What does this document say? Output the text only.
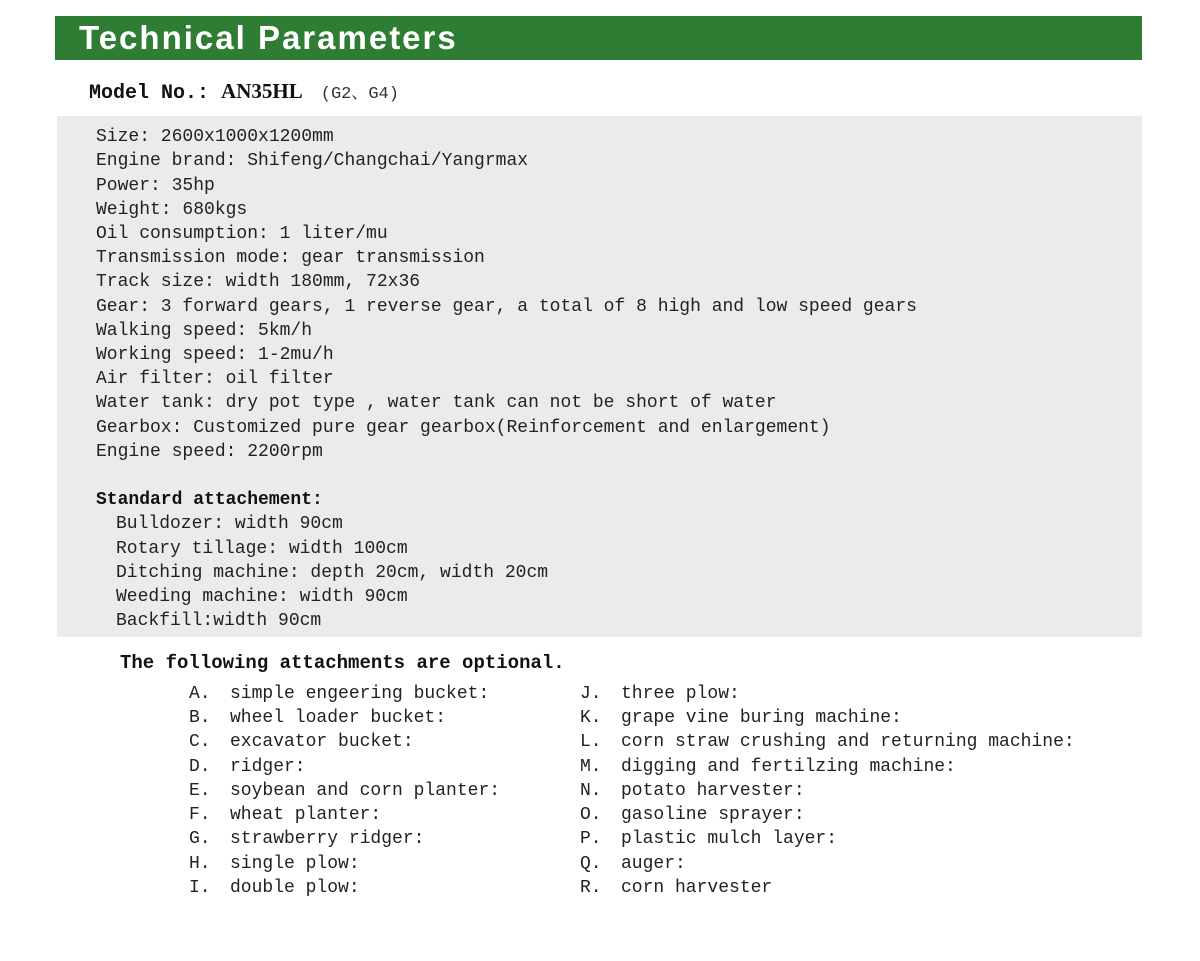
Technical Parameters
Model No.: AN35HL (G2、G4)
Size: 2600x1000x1200mm
Engine brand: Shifeng/Changchai/Yangrmax
Power: 35hp
Weight: 680kgs
Oil consumption: 1 liter/mu
Transmission mode: gear transmission
Track size: width 180mm, 72x36
Gear: 3 forward gears, 1 reverse gear, a total of 8 high and low speed gears
Walking speed: 5km/h
Working speed: 1-2mu/h
Air filter: oil filter
Water tank: dry pot type , water tank can not be short of water
Gearbox: Customized pure gear gearbox(Reinforcement and enlargement)
Engine speed: 2200rpm
Standard attachement:
Bulldozer: width 90cm
Rotary tillage: width 100cm
Ditching machine: depth 20cm, width 20cm
Weeding machine: width 90cm
Backfill:width 90cm
The following attachments are optional.
A. simple engeering bucket:
B. wheel loader bucket:
C. excavator bucket:
D. ridger:
E. soybean and corn planter:
F. wheat planter:
G. strawberry ridger:
H. single plow:
I. double plow:
J. three plow:
K. grape vine buring machine:
L. corn straw crushing and returning machine:
M. digging and fertilzing machine:
N. potato harvester:
O. gasoline sprayer:
P. plastic mulch layer:
Q. auger:
R. corn harvester
